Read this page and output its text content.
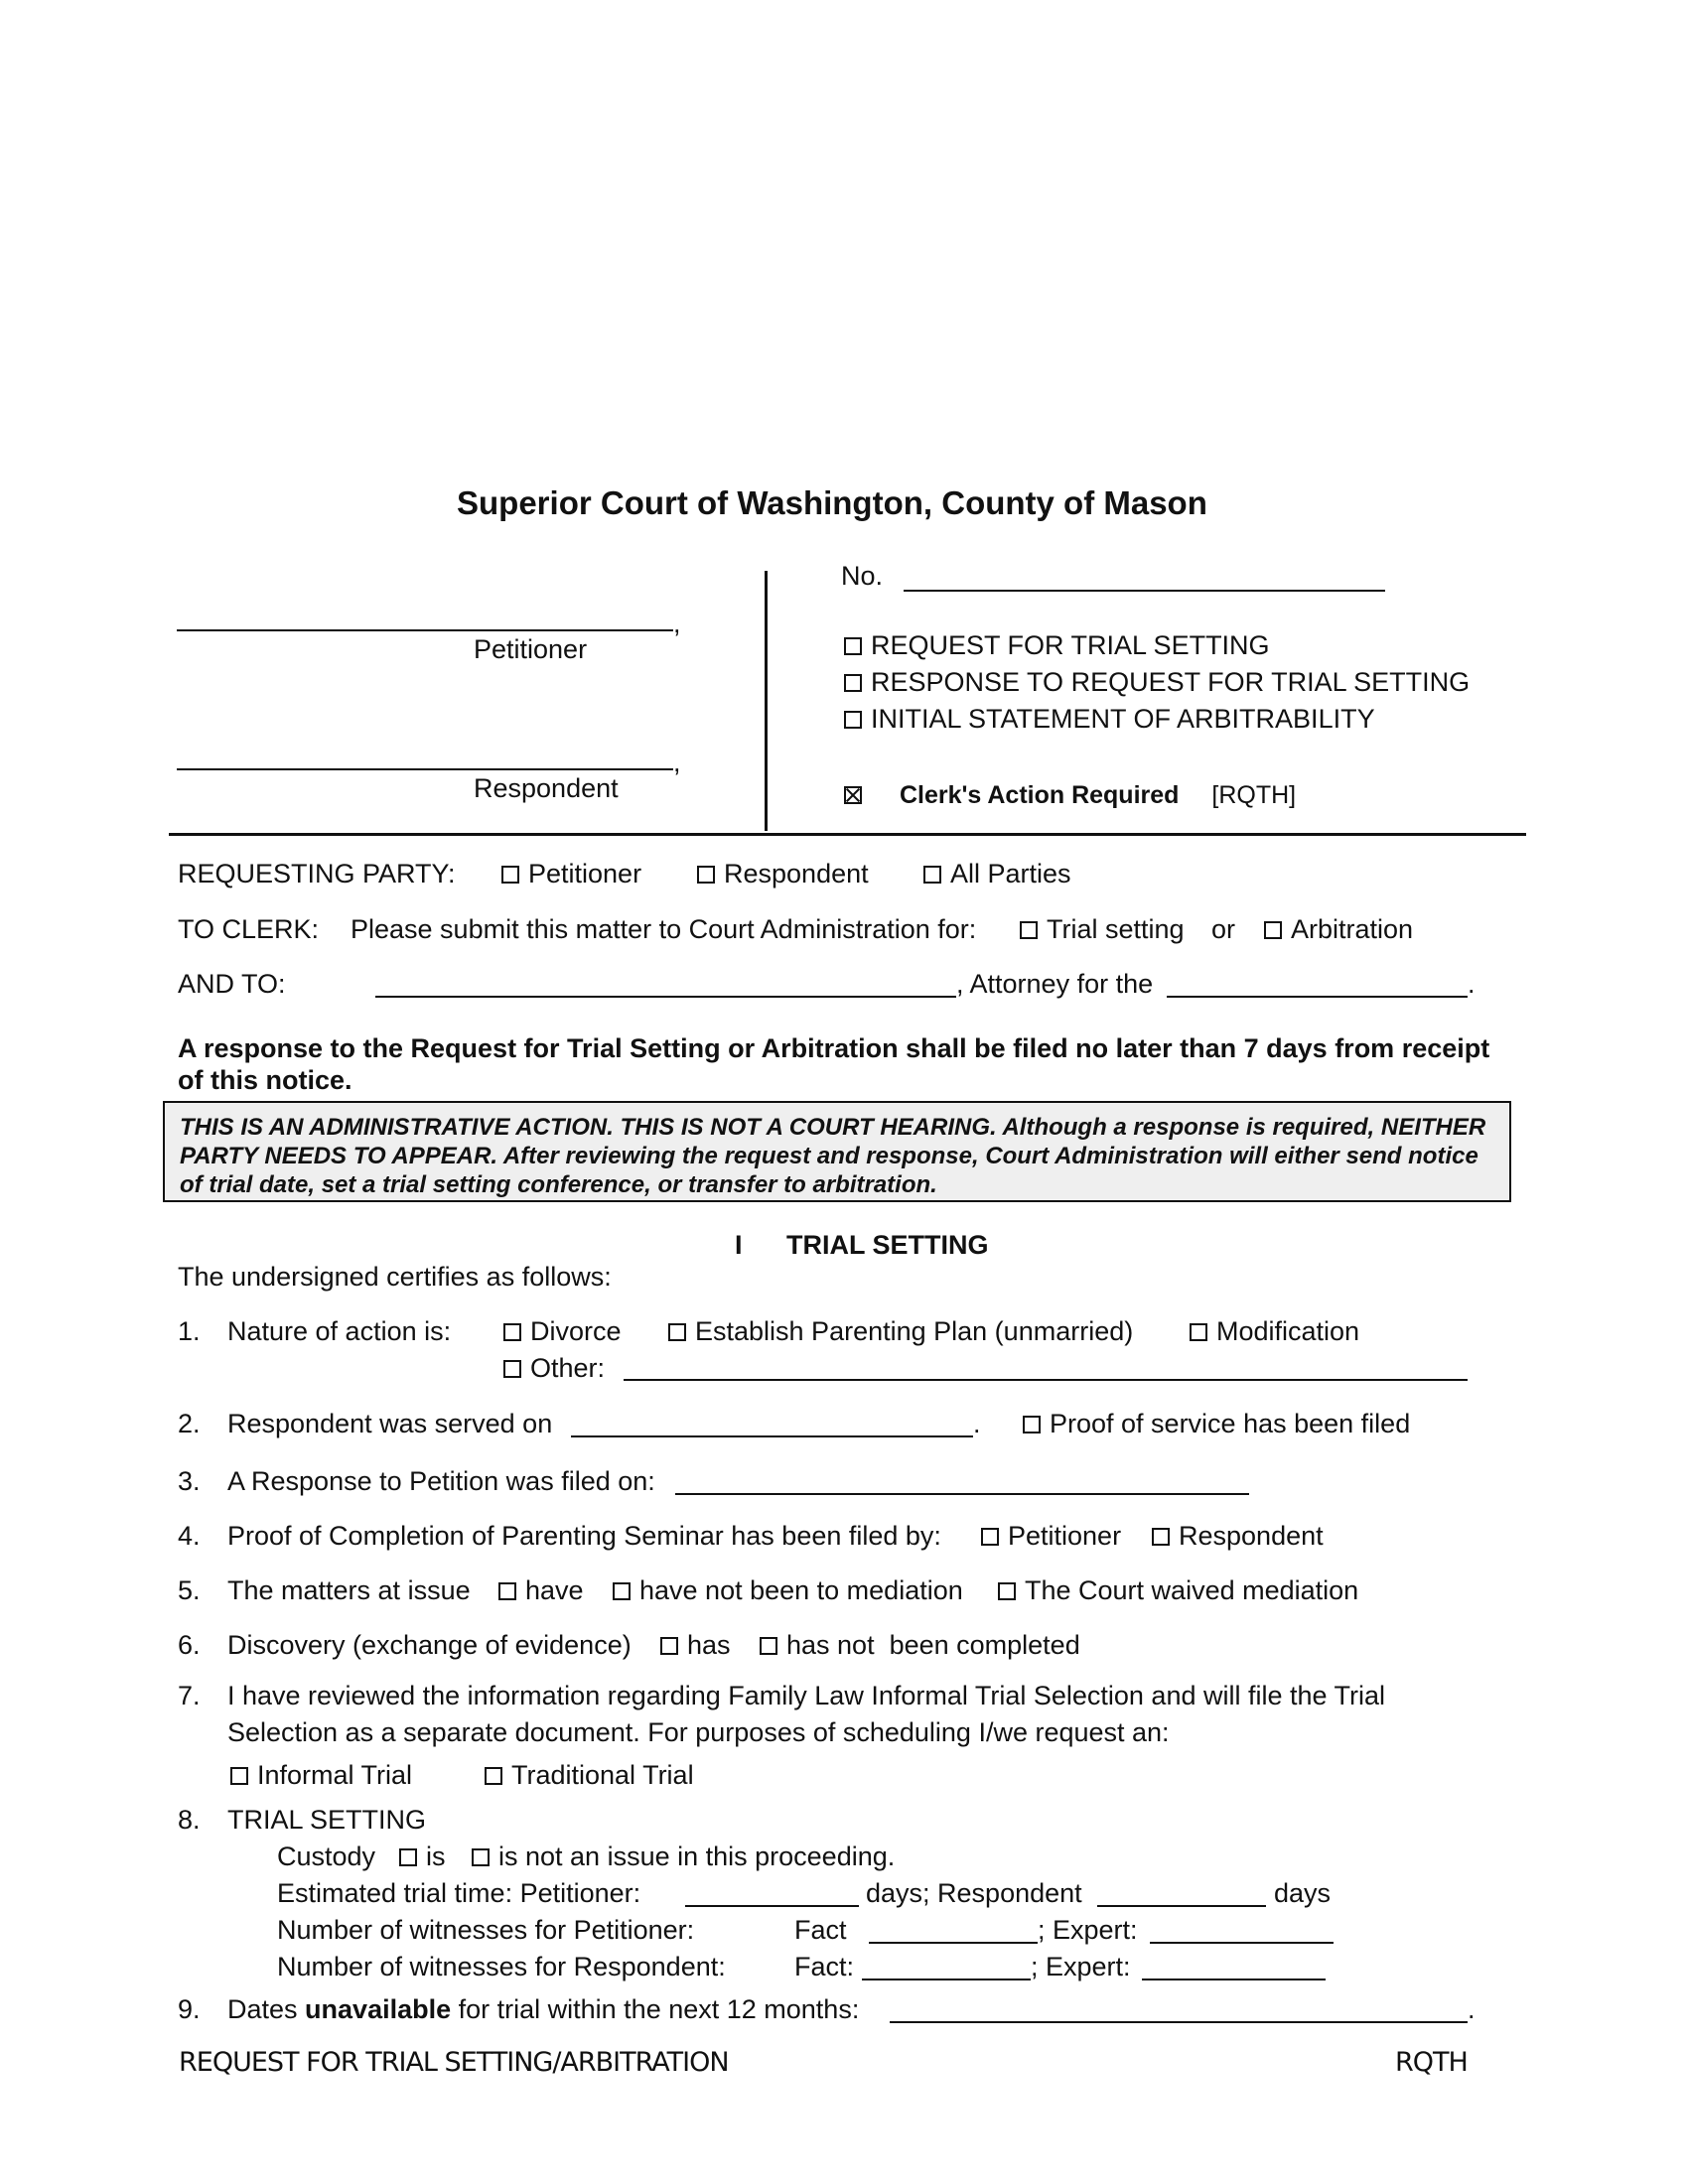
Superior Court of Washington, County of Mason
,
Petitioner
,
Respondent
No.
REQUEST FOR TRIAL SETTING
RESPONSE TO REQUEST FOR TRIAL SETTING
INITIAL STATEMENT OF ARBITRABILITY
Clerk's Action Required [RQTH]
REQUESTING PARTY:	Petitioner	Respondent	All Parties
TO CLERK: Please submit this matter to Court Administration for:	Trial setting or	Arbitration
AND TO:	, Attorney for the	.
A response to the Request for Trial Setting or Arbitration shall be filed no later than 7 days from receipt of this notice.
THIS IS AN ADMINISTRATIVE ACTION. THIS IS NOT A COURT HEARING. Although a response is required, NEITHER PARTY NEEDS TO APPEAR. After reviewing the request and response, Court Administration will either send notice of trial date, set a trial setting conference, or transfer to arbitration.
I TRIAL SETTING
The undersigned certifies as follows:
1. Nature of action is:	Divorce	Establish Parenting Plan (unmarried)	Modification
Other:
2. Respondent was served on	.	Proof of service has been filed
3. A Response to Petition was filed on:
4. Proof of Completion of Parenting Seminar has been filed by:	Petitioner	Respondent
5. The matters at issue	have	have not been to mediation	The Court waived mediation
6. Discovery (exchange of evidence)	has	has not  been completed
7. I have reviewed the information regarding Family Law Informal Trial Selection and will file the Trial
Selection as a separate document. For purposes of scheduling I/we request an:
Informal Trial	Traditional Trial
8. TRIAL SETTING
Custody	is	is not an issue in this proceeding.
Estimated trial time: Petitioner:	days; Respondent	days
Number of witnesses for Petitioner:	Fact	; Expert:
Number of witnesses for Respondent:	Fact:	; Expert:
9. Dates unavailable for trial within the next 12 months:	.
REQUEST FOR TRIAL SETTING/ARBITRATION	RQTH
